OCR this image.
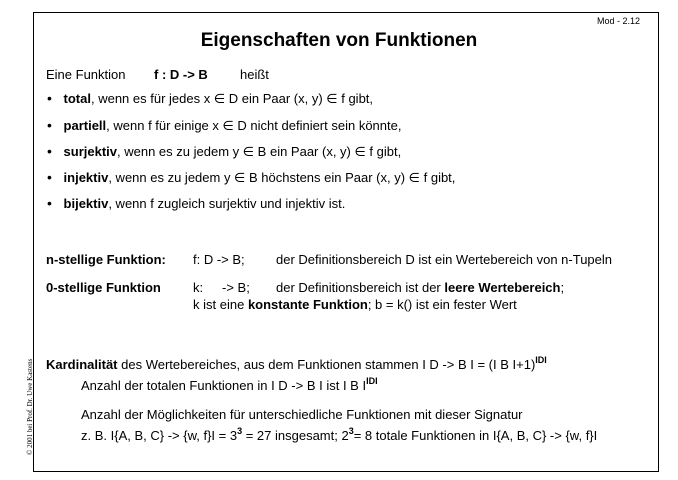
Mod - 2.12
Eigenschaften von Funktionen
© 2001 bei Prof. Dr. Uwe Kastens
Eine Funktion f : D -> B heißt
• total, wenn es für jedes x ∈ D ein Paar (x, y) ∈ f gibt,
• partiell, wenn f für einige x ∈ D nicht definiert sein könnte,
• surjektiv, wenn es zu jedem y ∈ B ein Paar (x, y) ∈ f gibt,
• injektiv, wenn es zu jedem y ∈ B höchstens ein Paar (x, y) ∈ f gibt,
• bijektiv, wenn f zugleich surjektiv und injektiv ist.
n-stellige Funktion: f: D -> B; der Definitionsbereich D ist ein Wertebereich von n-Tupeln
0-stellige Funktion k: -> B; der Definitionsbereich ist der leere Wertebereich;
k ist eine konstante Funktion; b = k() ist ein fester Wert
Kardinalität des Wertebereiches, aus dem Funktionen stammen I D -> B I = (I B I+1)$^{IDI}$
Anzahl der totalen Funktionen in I D -> B I ist I B $I^{IDI}$
Anzahl der Möglichkeiten für unterschiedliche Funktionen mit dieser Signatur
z. B. I{A, B, C} -> {w, $f\}I = 3^3 = 27$ insgesamt; $2^3= 8$ totale Funktionen in I{A, B, C} -> {w, f}I
